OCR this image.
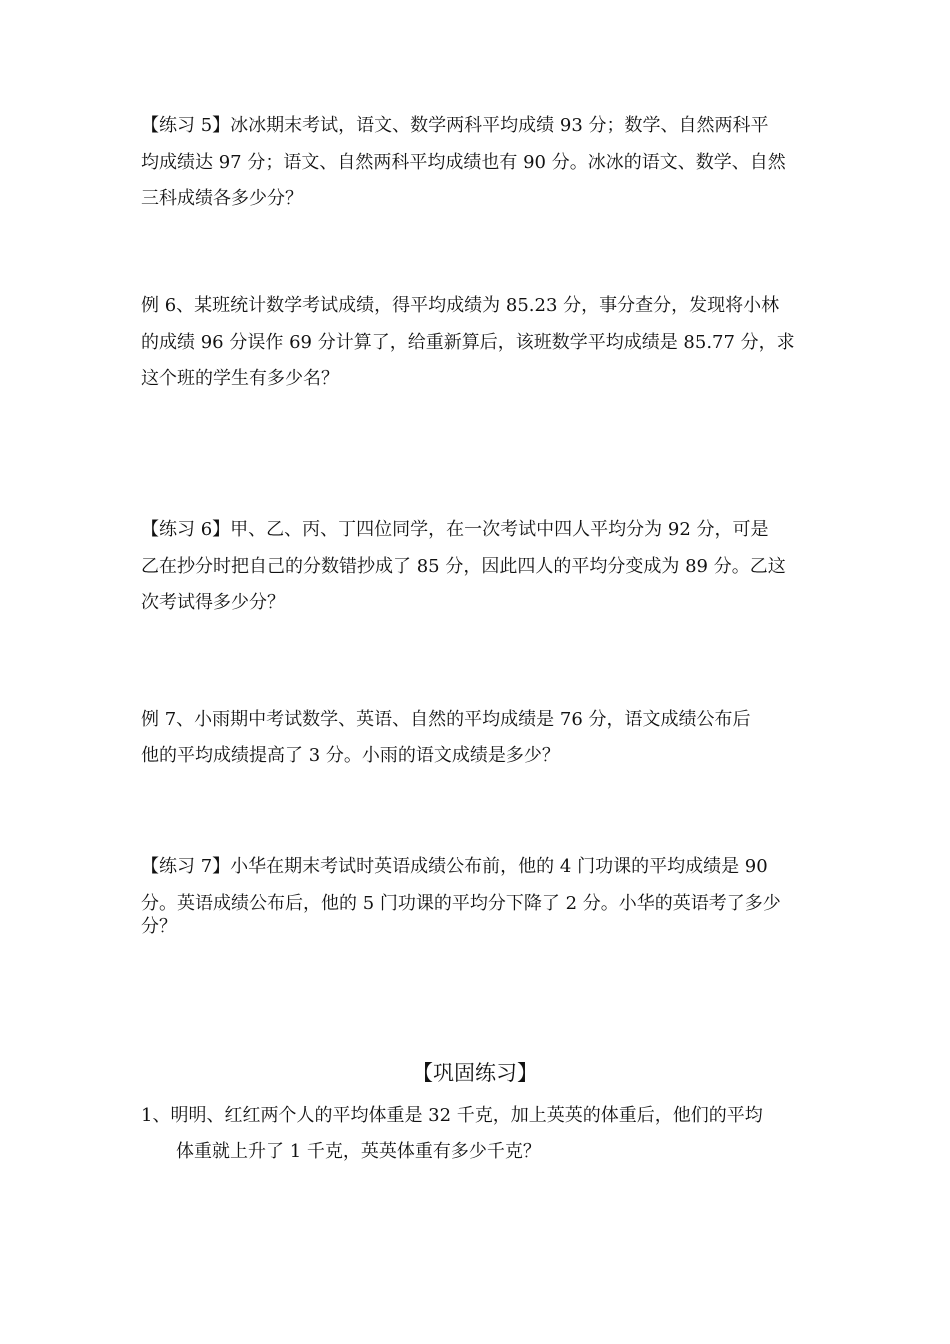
【练习 5】冰冰期末考试，语文、数学两科平均成绩 93 分；数学、自然两科平
均成绩达 97 分；语文、自然两科平均成绩也有 90 分。冰冰的语文、数学、自然
三科成绩各多少分？
例 6、某班统计数学考试成绩，得平均成绩为 85.23 分，事分查分，发现将小林
的成绩 96 分误作 69 分计算了，给重新算后，该班数学平均成绩是 85.77 分，求
这个班的学生有多少名？
【练习 6】甲、乙、丙、丁四位同学，在一次考试中四人平均分为 92 分，可是
乙在抄分时把自己的分数错抄成了 85 分，因此四人的平均分变成为 89 分。乙这
次考试得多少分？
例 7、小雨期中考试数学、英语、自然的平均成绩是 76 分，语文成绩公布后
他的平均成绩提高了 3 分。小雨的语文成绩是多少？
【练习 7】小华在期末考试时英语成绩公布前，他的 4 门功课的平均成绩是 90
分。英语成绩公布后，他的 5 门功课的平均分下降了 2 分。小华的英语考了多少
分？
【巩固练习】
1、明明、红红两个人的平均体重是 32 千克，加上英英的体重后，他们的平均
体重就上升了 1 千克，英英体重有多少千克？
